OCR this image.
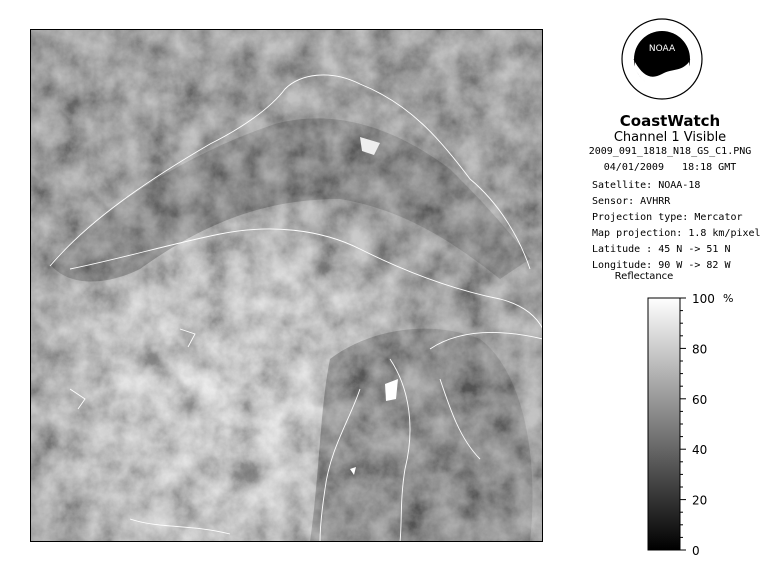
NOAA
CoastWatch
Channel 1 Visible
2009_091_1818_N18_GS_C1.PNG
04/01/2009 18:18 GMT
Satellite: NOAA-18
Sensor: AVHRR
Projection type: Mercator
Map projection: 1.8 km/pixel
Latitude : 45 N -> 51 N
Longitude: 90 W -> 82 W
Reflectance
100
80
60
40
20
0
%
